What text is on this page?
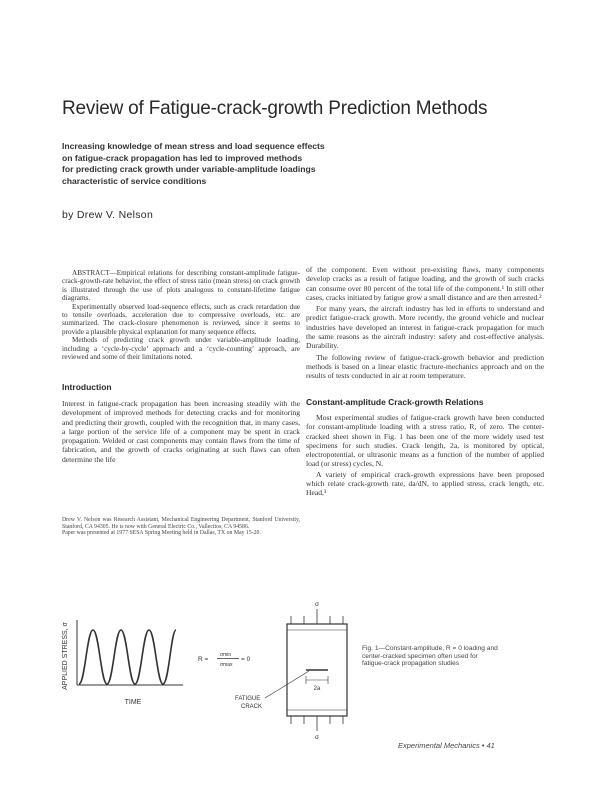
Review of Fatigue-crack-growth Prediction Methods
Increasing knowledge of mean stress and load sequence effects
on fatigue-crack propagation has led to improved methods
for predicting crack growth under variable-amplitude loadings
characteristic of service conditions
by Drew V. Nelson

ABSTRACT—Empirical relations for describing constant-amplitude fatigue-crack-growth-rate behavior, the effect of stress ratio (mean stress) on crack growth is illustrated through the use of plots analogous to constant-lifetime fatigue diagrams.

Experimentally observed load-sequence effects, such as crack retardation due to tensile overloads, acceleration due to compressive overloads, etc. are summarized. The crack-closure phenomenon is reviewed, since it seems to provide a plausible physical explanation for many sequence effects.

Methods of predicting crack growth under variable-amplitude loading, including a ‘cycle-by-cycle’ approach and a ‘cycle-counting’ approach, are reviewed and some of their limitations noted.

Introduction

Interest in fatigue-crack propagation has been increasing steadily with the development of improved methods for detecting cracks and for monitoring and predicting their growth, coupled with the recognition that, in many cases, a large portion of the service life of a component may be spent in crack propagation. Welded or cast components may contain flaws from the time of fabrication, and the growth of cracks originating at such flaws can often determine the life

Drew V. Nelson was Research Assistant, Mechanical Engineering Department, Stanford University, Stanford, CA 94305. He is now with General Electric Co., Vallecitos, CA 94586.

Paper was presented at 1977 SESA Spring Meeting held in Dallas, TX on May 15-20.

of the component. Even without pre-existing flaws, many components develop cracks as a result of fatigue loading, and the growth of such cracks can consume over 80 percent of the total life of the component.¹ In still other cases, cracks initiated by fatigue grow a small distance and are then arrested.²

For many years, the aircraft industry has led in efforts to understand and predict fatigue-crack growth. More recently, the ground vehicle and nuclear industries have developed an interest in fatigue-crack propagation for much the same reasons as the aircraft industry: safety and cost-effective analysis. Durability.

The following review of fatigue-crack-growth behavior and prediction methods is based on a linear elastic fracture-mechanics approach and on the results of tests conducted in air at room temperature.

Constant-amplitude Crack-growth Relations

Most experimental studies of fatigue-crack growth have been conducted for constant-amplitude loading with a stress ratio, R, of zero. The center-cracked sheet shown in Fig. 1 has been one of the more widely used test specimens for such studies. Crack length, 2a, is monitored by optical, electropotential, or ultrasonic means as a function of the number of applied load (or stress) cycles, N.

A variety of empirical crack-growth expressions have been proposed which relate crack-growth rate, da/dN, to applied stress, crack length, etc. Head,³

APPLIED STRESS, σ
TIME
R =
σmin
σmax
= 0
σ
2a
σ
FATIGUE
CRACK
Fig. 1—Constant-amplitude, R = 0 loading and center-cracked specimen often used for fatigue-crack propagation studies
Experimental Mechanics • 41
